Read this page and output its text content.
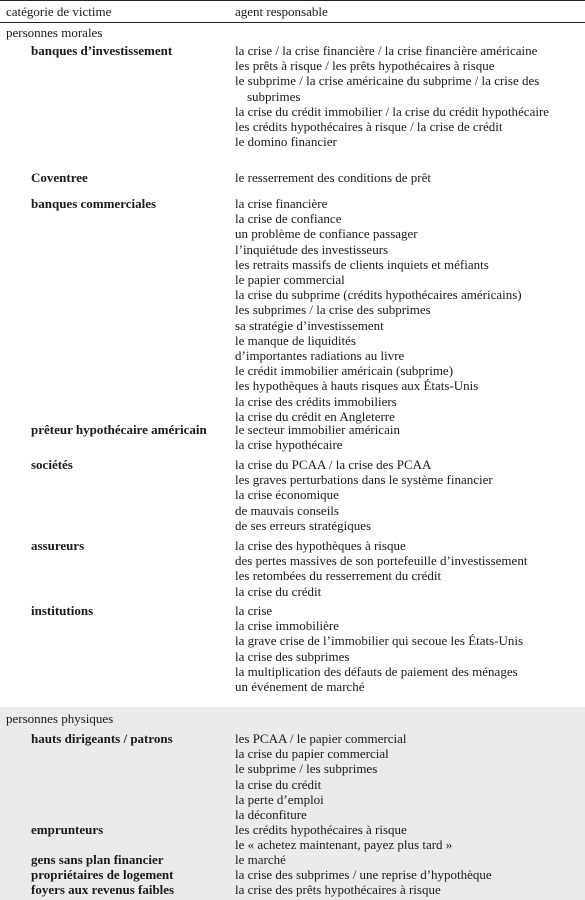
catégorie de victime	agent responsable
personnes morales
banques d’investissement	la crise / la crise financière / la crise financière américaine
les prêts à risque / les prêts hypothécaires à risque
le subprime / la crise américaine du subprime / la crise des subprimes
la crise du crédit immobilier / la crise du crédit hypothécaire
les crédits hypothécaires à risque / la crise de crédit
le domino financier
Coventree	le resserrement des conditions de prêt
banques commerciales	la crise financière
la crise de confiance
un problème de confiance passager
l’inquiétude des investisseurs
les retraits massifs de clients inquiets et méfiants
le papier commercial
la crise du subprime (crédits hypothécaires américains)
les subprimes / la crise des subprimes
sa stratégie d’investissement
le manque de liquidités
d’importantes radiations au livre
le crédit immobilier américain (subprime)
les hypothèques à hauts risques aux États-Unis
la crise des crédits immobiliers
la crise du crédit en Angleterre
prêteur hypothécaire américain	le secteur immobilier américain
la crise hypothécaire
sociétés	la crise du PCAA / la crise des PCAA
les graves perturbations dans le système financier
la crise économique
de mauvais conseils
de ses erreurs stratégiques
assureurs	la crise des hypothèques à risque
des pertes massives de son portefeuille d’investissement
les retombées du resserrement du crédit
la crise du crédit
institutions	la crise
la crise immobilière
la grave crise de l’immobilier qui secoue les États-Unis
la crise des subprimes
la multiplication des défauts de paiement des ménages
un événement de marché
personnes physiques
hauts dirigeants / patrons	les PCAA / le papier commercial
la crise du papier commercial
le subprime / les subprimes
la crise du crédit
la perte d’emploi
la déconfiture
emprunteurs	les crédits hypothécaires à risque
le « achetez maintenant, payez plus tard »
gens sans plan financier	le marché
propriétaires de logement	la crise des subprimes / une reprise d’hypothèque
foyers aux revenus faibles	la crise des prêts hypothécaires à risque
